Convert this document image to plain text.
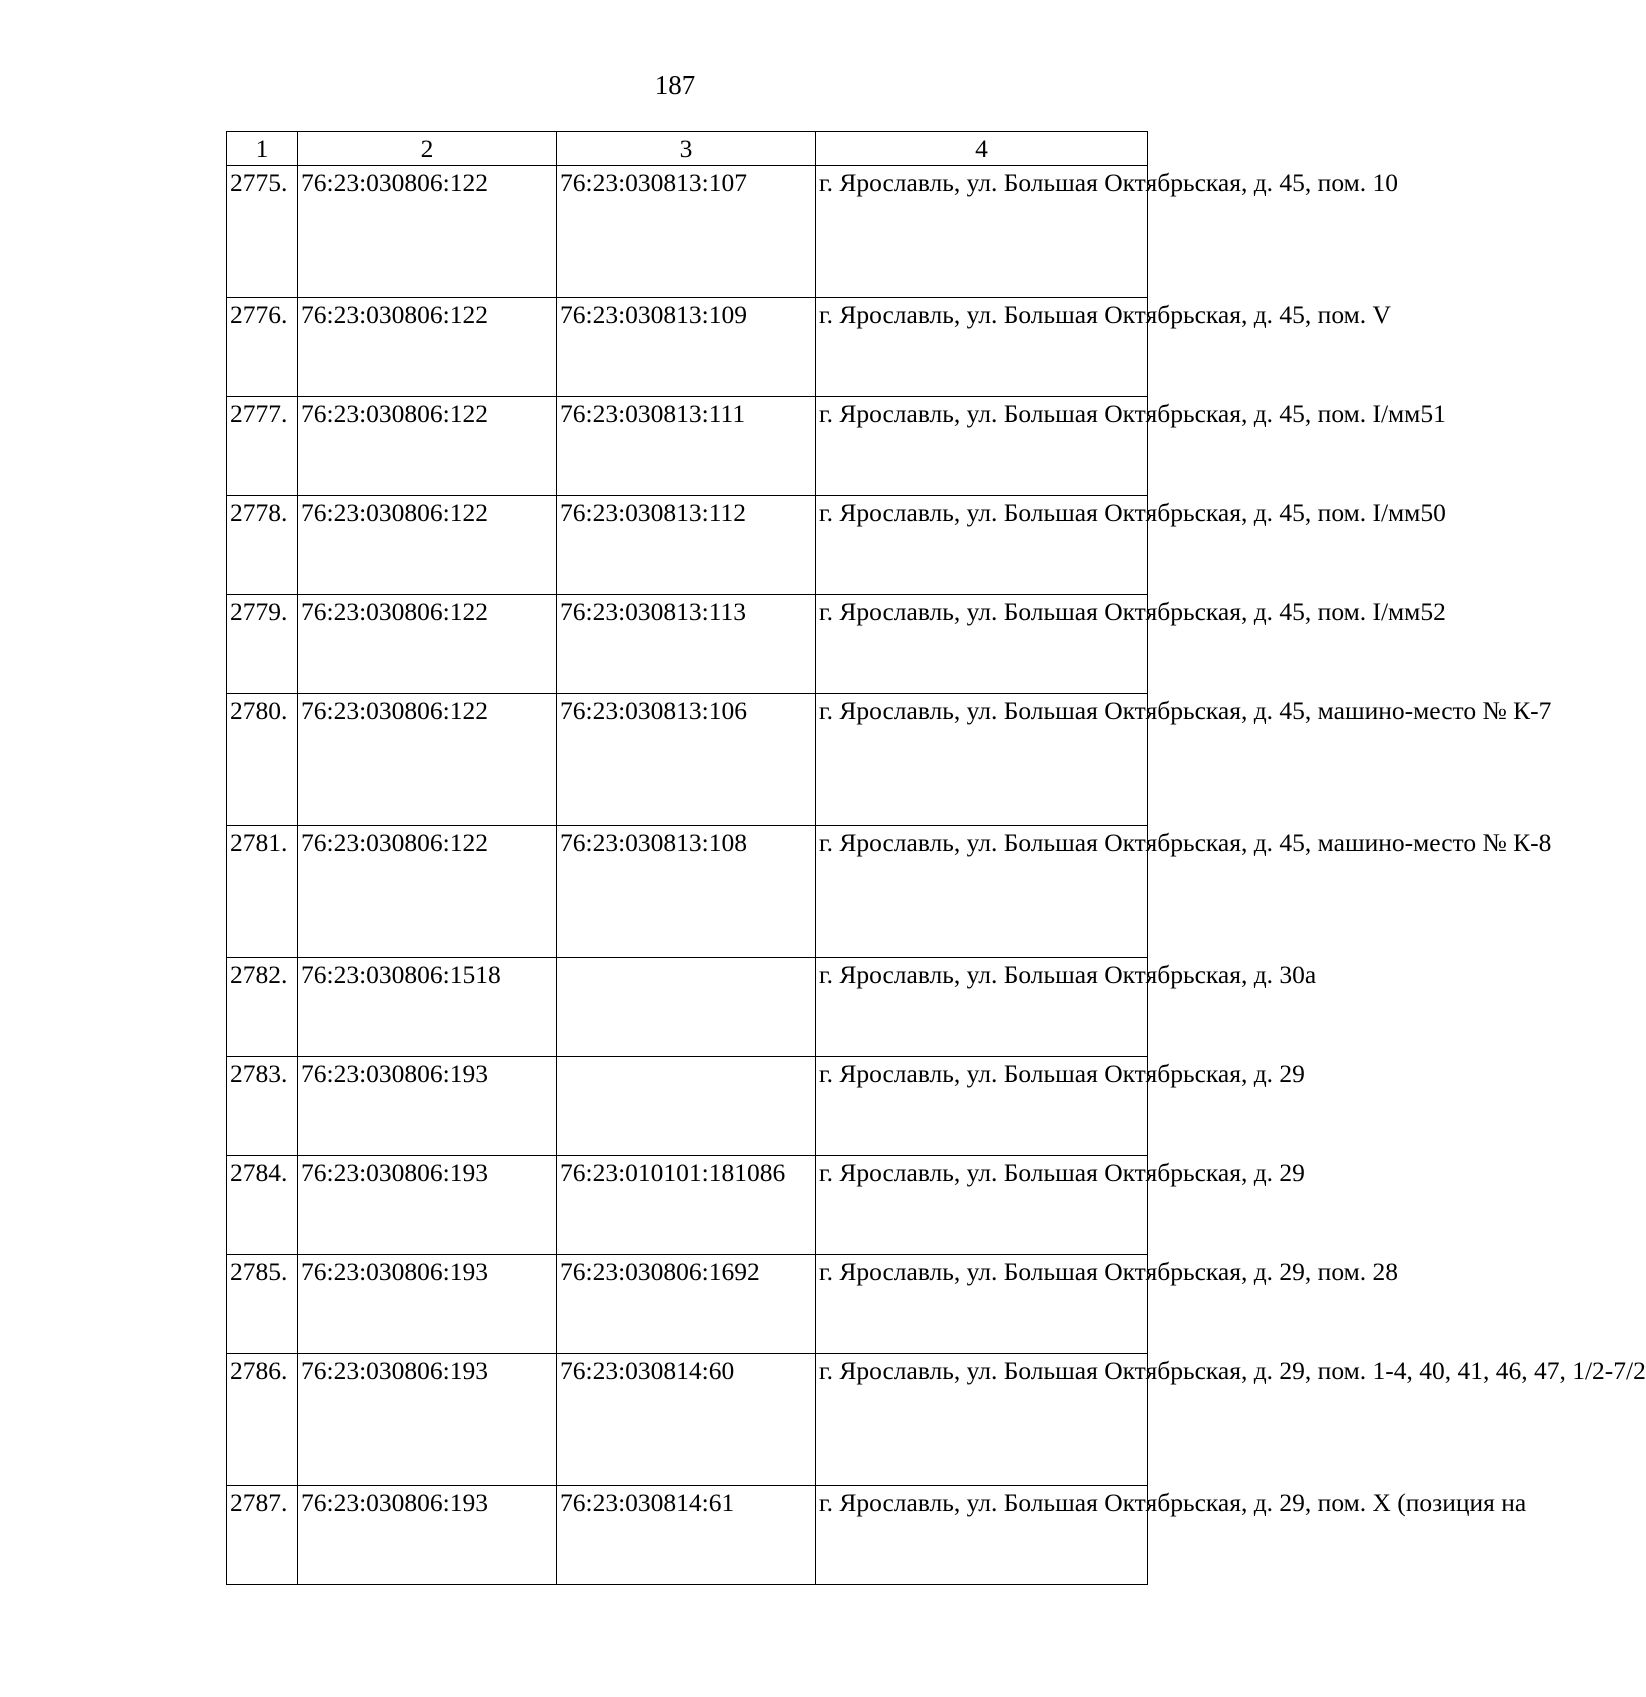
187
1	2	3	4
2775.	76:23:030806:122	76:23:030813:107	г. Ярославль, ул. Большая Октябрьская, д. 45, пом. 10
2776.	76:23:030806:122	76:23:030813:109	г. Ярославль, ул. Большая Октябрьская, д. 45, пом. V
2777.	76:23:030806:122	76:23:030813:111	г. Ярославль, ул. Большая Октябрьская, д. 45, пом. I/мм51
2778.	76:23:030806:122	76:23:030813:112	г. Ярославль, ул. Большая Октябрьская, д. 45, пом. I/мм50
2779.	76:23:030806:122	76:23:030813:113	г. Ярославль, ул. Большая Октябрьская, д. 45, пом. I/мм52
2780.	76:23:030806:122	76:23:030813:106	г. Ярославль, ул. Большая Октябрьская, д. 45, машино-место № К-7
2781.	76:23:030806:122	76:23:030813:108	г. Ярославль, ул. Большая Октябрьская, д. 45, машино-место № К-8
2782.	76:23:030806:1518		г. Ярославль, ул. Большая Октябрьская, д. 30а
2783.	76:23:030806:193		г. Ярославль, ул. Большая Октябрьская, д. 29
2784.	76:23:030806:193	76:23:010101:181086	г. Ярославль, ул. Большая Октябрьская, д. 29
2785.	76:23:030806:193	76:23:030806:1692	г. Ярославль, ул. Большая Октябрьская, д. 29, пом. 28
2786.	76:23:030806:193	76:23:030814:60	г. Ярославль, ул. Большая Октябрьская, д. 29, пом. 1-4, 40, 41, 46, 47, 1/2-7/2
2787.	76:23:030806:193	76:23:030814:61	г. Ярославль, ул. Большая Октябрьская, д. 29, пом. X (позиция на
